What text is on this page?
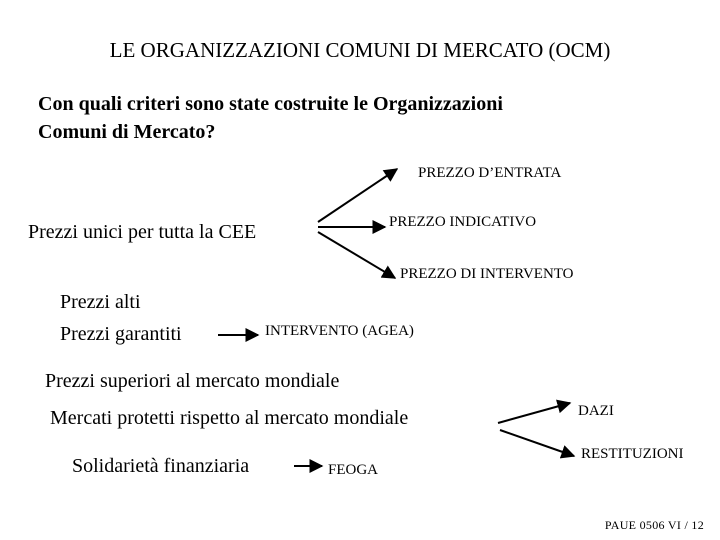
LE ORGANIZZAZIONI COMUNI DI MERCATO (OCM)
Con quali criteri sono state costruite le Organizzazioni
Comuni di Mercato?
PREZZO D’ENTRATA
Prezzi unici per tutta la CEE	PREZZO INDICATIVO
PREZZO DI INTERVENTO
Prezzi alti
Prezzi garantiti	INTERVENTO (AGEA)
Prezzi superiori al mercato mondiale
Mercati protetti rispetto al mercato mondiale	DAZI
RESTITUZIONI
Solidarietà finanziaria	FEOGA
PAUE 0506 VI / 12
